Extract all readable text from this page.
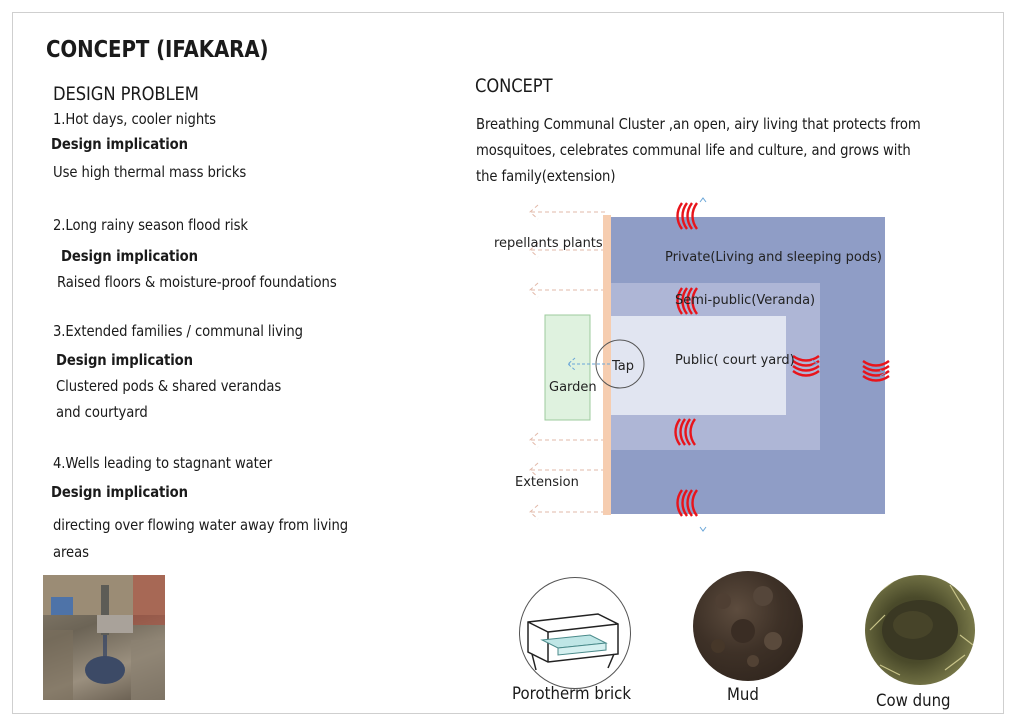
CONCEPT (IFAKARA)
DESIGN PROBLEM
1.Hot days, cooler nights
Design implication
Use high thermal mass bricks
2.Long rainy season flood risk
Design implication
Raised floors & moisture-proof foundations
3.Extended families / communal living
Design implication
Clustered pods & shared verandas
and courtyard
4.Wells leading to stagnant water
Design implication
directing over flowing water away from living
areas
CONCEPT
Breathing Communal Cluster ,an open, airy living that protects from
mosquitoes, celebrates communal life and culture, and grows with
the family(extension)
repellants plants
Extension
Garden
Tap
Private(Living and sleeping pods)
Semi-public(Veranda)
Public( court yard)
Porotherm brick	Mud	Cow dung
